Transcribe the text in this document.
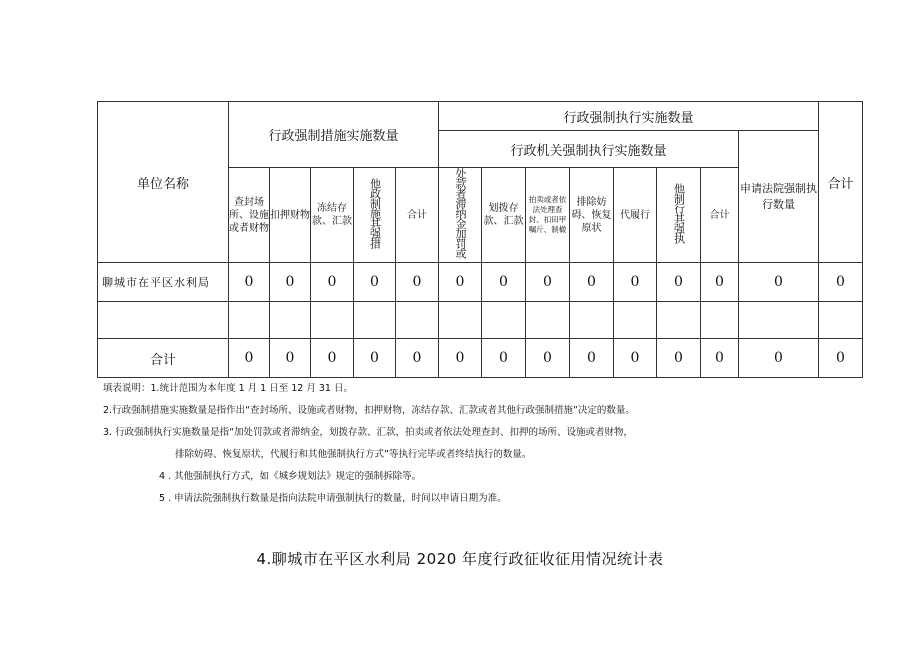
单位名称	行政强制措施实施数量					行政强制执行实施数量								合计
						行政机关强制执行实施数量							申请法院强制执行数量	
	查封场所、设施或者财物	扣押财物	冻结存款、汇款	他政制施其强措	合计	处款者滞纳金加罚或	划拨存款、汇款	拍卖或者依法处理查封、扣田甲嘱斤、制橄	排除妨碍、恢复原状	代履行	他制行其强执	合计		
聊城市在平区水利局	0	0	0	0	0	0	0	0	0	0	0	0	0	0

合计	0	0	0	0	0	0	0	0	0	0	0	0	0	0
填表说明：1.统计范围为本年度 1 月 1 日至 12 月 31 日。
2.行政强制措施实施数量是指作出“查封场所、设施或者财物，扣押财物，冻结存款、汇款或者其他行政强制措施”决定的数量。
3. 行政强制执行实施数量是指“加处罚款或者滞纳金，划拨存款、汇款，拍卖或者依法处理查封、扣押的场所、设施或者财物，
排除妨碍、恢复原状，代履行和其他强制执行方式”等执行完毕或者终结执行的数量。
4 . 其他强制执行方式，如《城乡规划法》规定的强制拆除等。
5 . 申请法院强制执行数量是指向法院申请强制执行的数量，时间以申请日期为准。
4.聊城市在平区水利局 2020 年度行政征收征用情况统计表
